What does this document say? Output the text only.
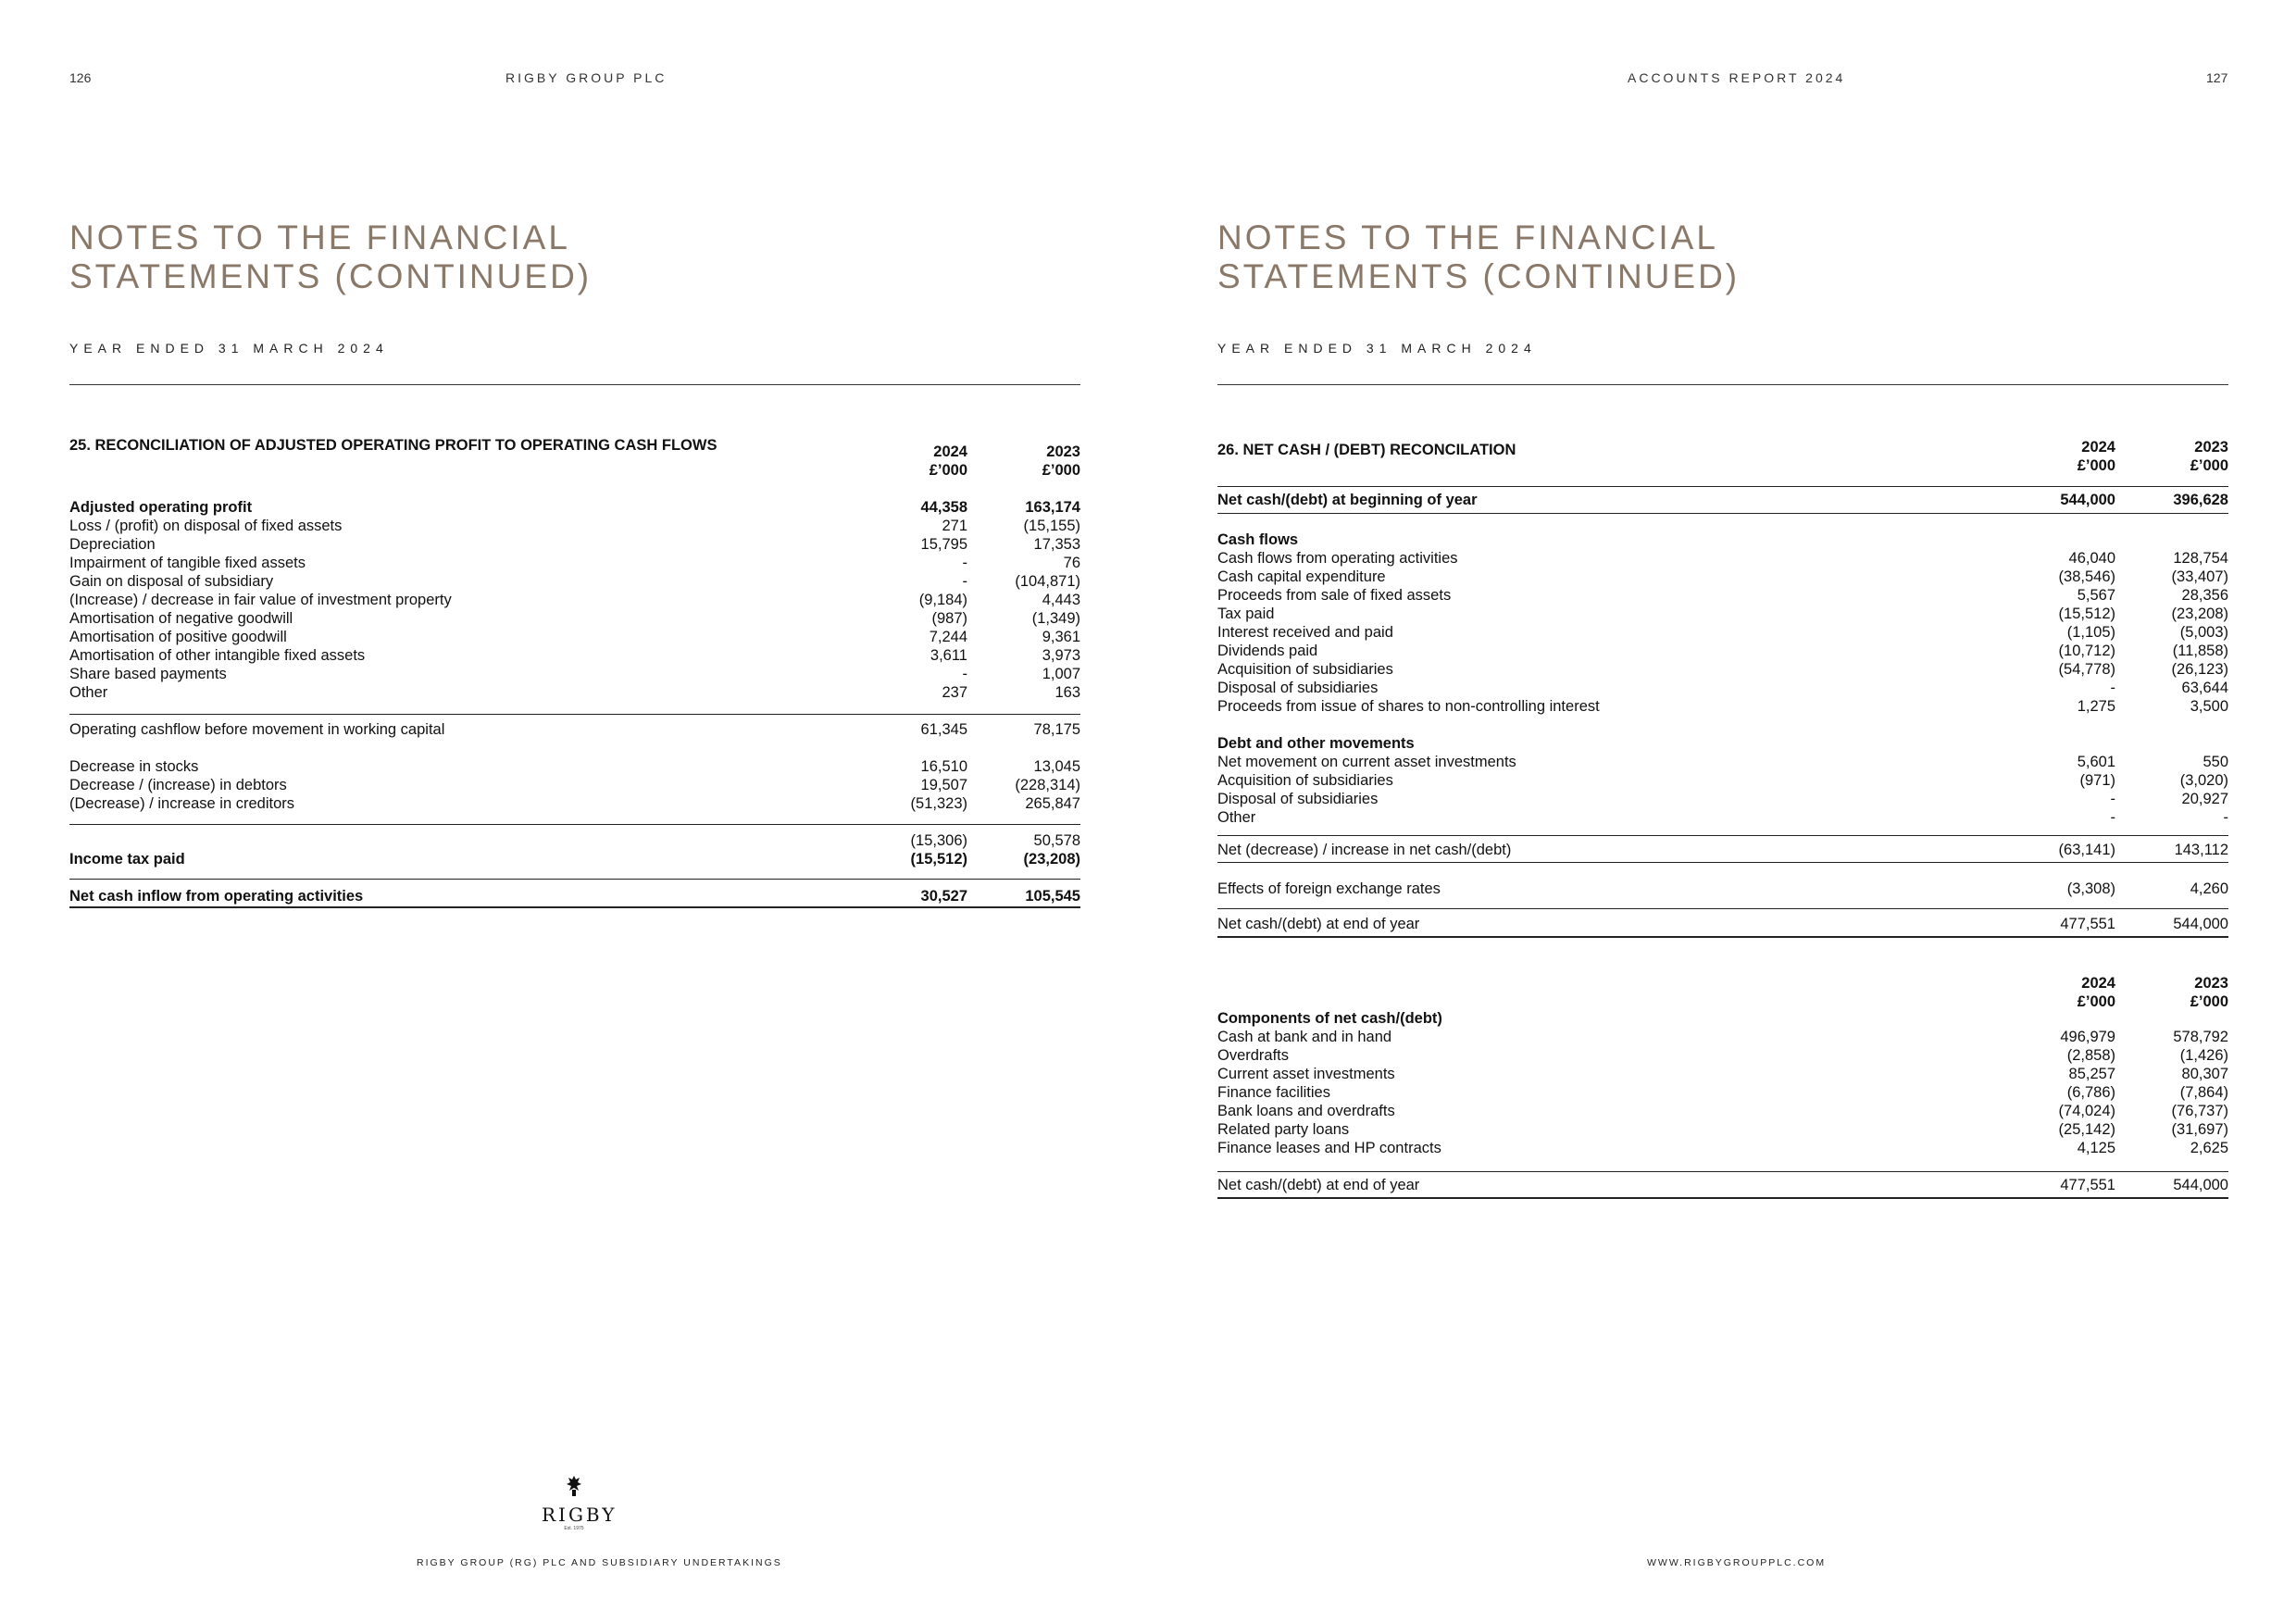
126	RIGBY GROUP PLC
NOTES TO THE FINANCIAL
STATEMENTS (CONTINUED)
YEAR ENDED 31 MARCH 2024
25. RECONCILIATION OF ADJUSTED OPERATING PROFIT TO OPERATING CASH FLOWS	2024
£’000
2023
£’000
Adjusted operating profit	44,358	163,174
Loss / (profit) on disposal of fixed assets	271	(15,155)
Depreciation	15,795	17,353
Impairment of tangible fixed assets	-	76
Gain on disposal of subsidiary	-	(104,871)
(Increase) / decrease in fair value of investment property	(9,184)	4,443
Amortisation of negative goodwill	(987)	(1,349)
Amortisation of positive goodwill	7,244	9,361
Amortisation of other intangible fixed assets	3,611	3,973
Share based payments	-	1,007
Other	237	163
Operating cashflow before movement in working capital	61,345	78,175
Decrease in stocks	16,510	13,045
Decrease / (increase) in debtors	19,507	(228,314)
(Decrease) / increase in creditors	(51,323)	265,847
(15,306)	50,578
Income tax paid	(15,512)	(23,208)
Net cash inflow from operating activities	30,527	105,545
RIGBY
Est. 1975
RIGBY GROUP (RG) PLC AND SUBSIDIARY UNDERTAKINGS
ACCOUNTS REPORT 2024	127
NOTES TO THE FINANCIAL
STATEMENTS (CONTINUED)
YEAR ENDED 31 MARCH 2024
26. NET CASH / (DEBT) RECONCILATION	2024
£’000
2023
£’000
Net cash/(debt) at beginning of year	544,000	396,628
Cash flows
Cash flows from operating activities	46,040	128,754
Cash capital expenditure	(38,546)	(33,407)
Proceeds from sale of fixed assets	5,567	28,356
Tax paid	(15,512)	(23,208)
Interest received and paid	(1,105)	(5,003)
Dividends paid	(10,712)	(11,858)
Acquisition of subsidiaries	(54,778)	(26,123)
Disposal of subsidiaries	-	63,644
Proceeds from issue of shares to non-controlling interest	1,275	3,500
Debt and other movements
Net movement on current asset investments	5,601	550
Acquisition of subsidiaries	(971)	(3,020)
Disposal of subsidiaries	-	20,927
Other	-	-
Net (decrease) / increase in net cash/(debt)	(63,141)	143,112
Effects of foreign exchange rates	(3,308)	4,260
Net cash/(debt) at end of year	477,551	544,000
2024
£’000
2023
£’000
Components of net cash/(debt)
Cash at bank and in hand	496,979	578,792
Overdrafts	(2,858)	(1,426)
Current asset investments	85,257	80,307
Finance facilities	(6,786)	(7,864)
Bank loans and overdrafts	(74,024)	(76,737)
Related party loans	(25,142)	(31,697)
Finance leases and HP contracts	4,125	2,625
Net cash/(debt) at end of year	477,551	544,000
WWW.RIGBYGROUPPLC.COM
